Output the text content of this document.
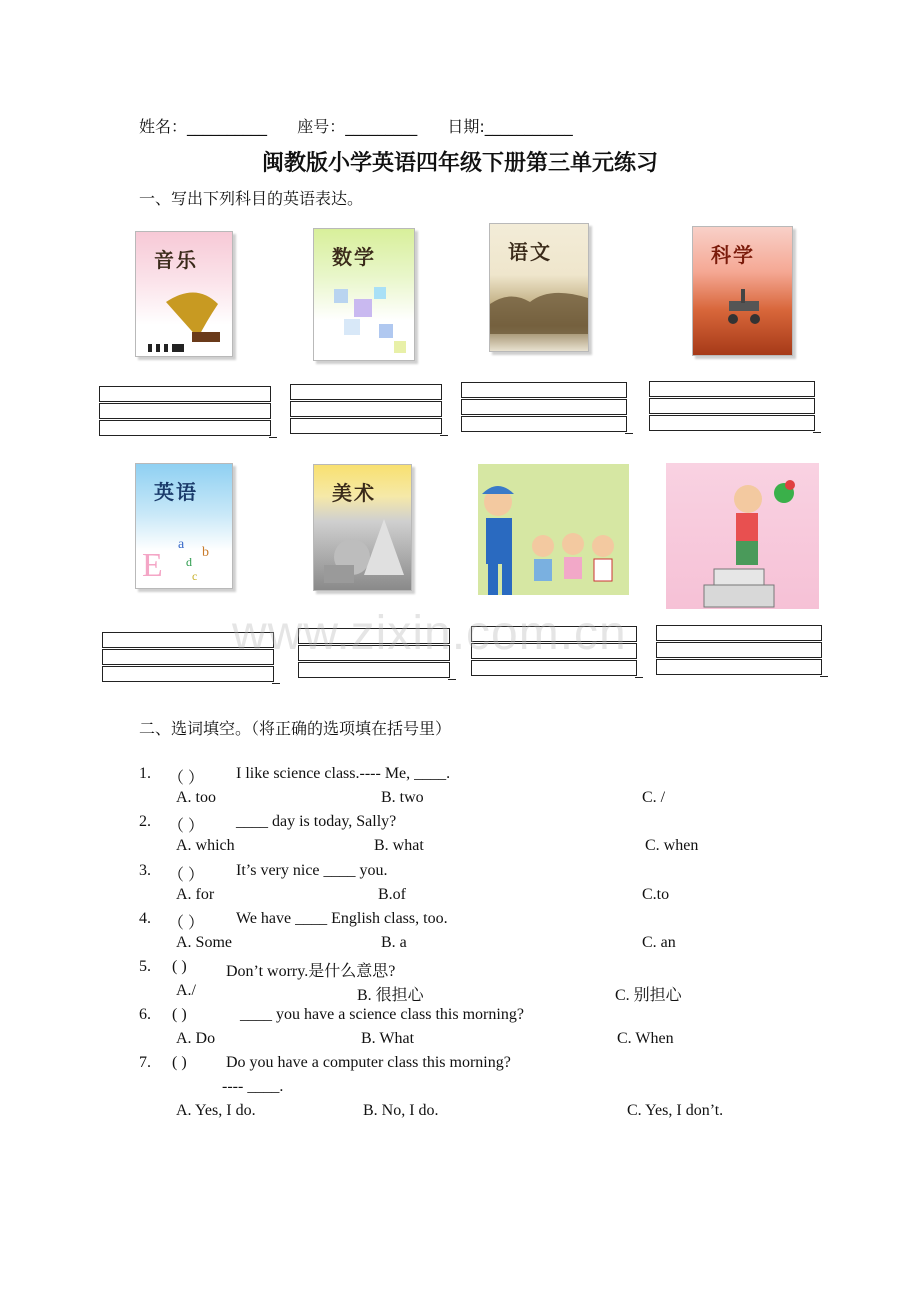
姓名：__________ 座号：_________ 日期:___________
闽教版小学英语四年级下册第三单元练习
一、写出下列科目的英语表达。
音乐	数学	语文	科学
E
a
b
d
c
英语	美术
www.zixin.com.cn
二、选词填空。（将正确的选项填在括号里）
1. （ ） I like science class.---- Me, ____.
A. too	B. two	C. /
2. （ ） ____ day is today, Sally?
A. which	B. what	C. when
3. （ ） It’s very nice ____ you.
A. for	B.of	C.to
4. （ ） We have ____ English class, too.
A. Some	B. a	C. an
5. ( ) Don’t worry.是什么意思?
A./	B. 很担心	C. 别担心
6. ( )	____ you have a science class this morning?
A. Do	B. What	C. When
7. ( ) Do you have a computer class this morning?
---- ____.
A. Yes, I do.	B. No, I do.	C. Yes, I don’t.
